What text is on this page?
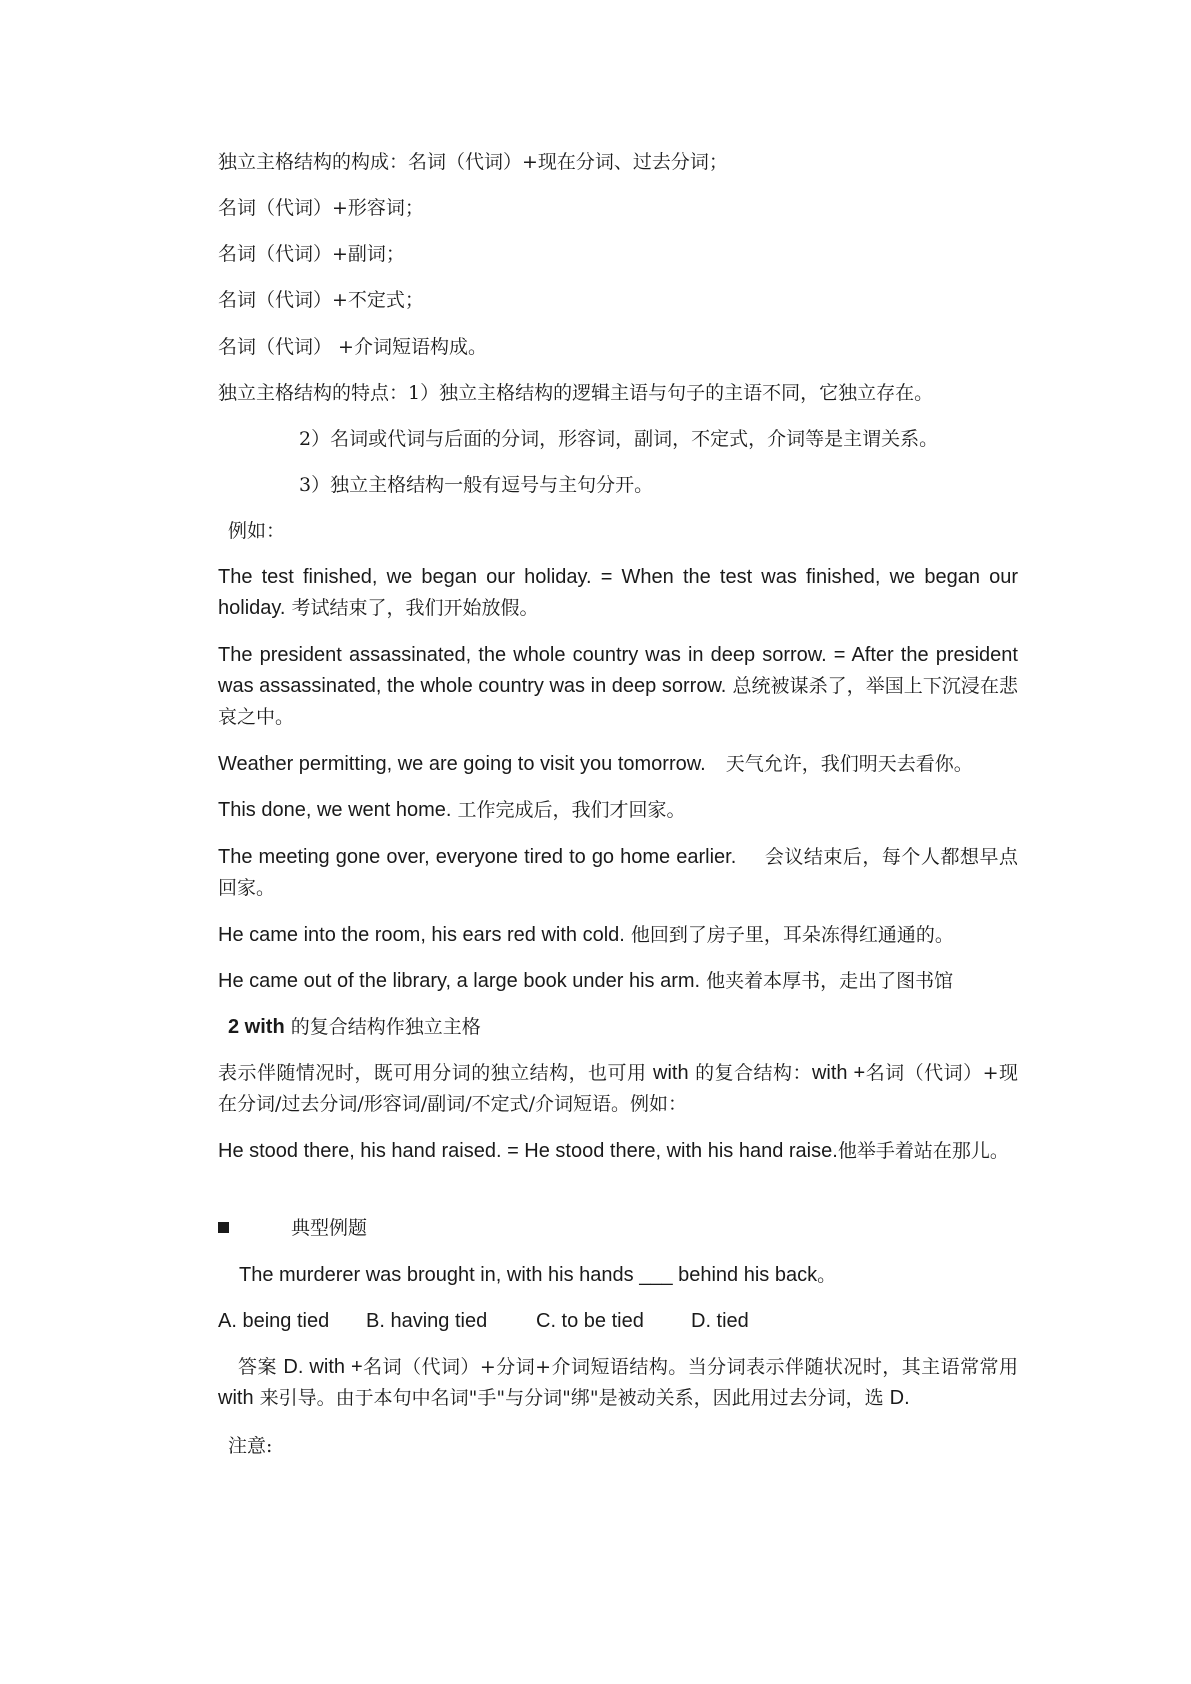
独立主格结构的构成：名词（代词）+现在分词、过去分词；
名词（代词）+形容词；
名词（代词）+副词；
名词（代词）+不定式；
名词（代词） +介词短语构成。
独立主格结构的特点：1）独立主格结构的逻辑主语与句子的主语不同，它独立存在。
2）名词或代词与后面的分词，形容词，副词，不定式，介词等是主谓关系。
3）独立主格结构一般有逗号与主句分开。
例如：
The test finished, we began our holiday. = When the test was finished, we began our holiday. 考试结束了，我们开始放假。
The president assassinated, the whole country was in deep sorrow. = After the president was assassinated, the whole country was in deep sorrow. 总统被谋杀了，举国上下沉浸在悲哀之中。
Weather permitting, we are going to visit you tomorrow. 天气允许，我们明天去看你。
This done, we went home. 工作完成后，我们才回家。
The meeting gone over, everyone tired to go home earlier. 会议结束后，每个人都想早点回家。
He came into the room, his ears red with cold. 他回到了房子里，耳朵冻得红通通的。
He came out of the library, a large book under his arm. 他夹着本厚书，走出了图书馆
2 with 的复合结构作独立主格
表示伴随情况时，既可用分词的独立结构，也可用 with 的复合结构：with +名词（代词）+现在分词/过去分词/形容词/副词/不定式/介词短语。例如：
He stood there, his hand raised. = He stood there, with his hand raise.他举手着站在那儿。
典型例题
The murderer was brought in, with his hands ___ behind his back。
A. being tied B. having tied C. to be tied D. tied
答案 D. with +名词（代词）+分词+介词短语结构。当分词表示伴随状况时，其主语常常用 with 来引导。由于本句中名词"手"与分词"绑"是被动关系，因此用过去分词，选 D.
注意:
